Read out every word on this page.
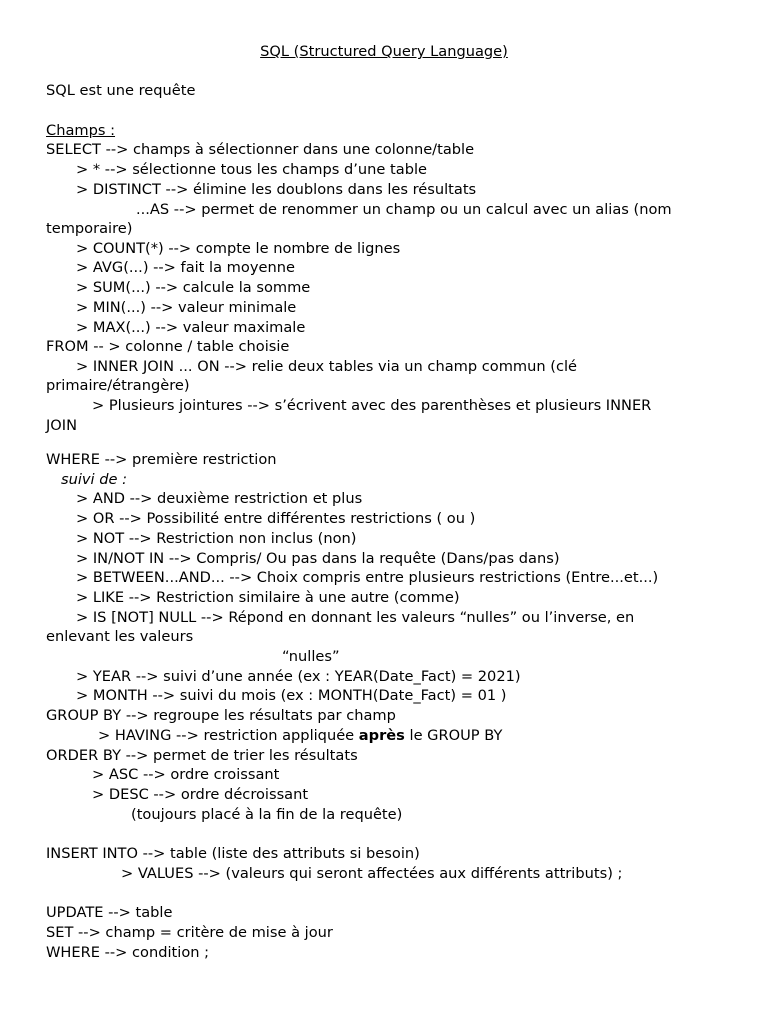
SQL (Structured Query Language)
SQL est une requête
Champs :
SELECT --> champs à sélectionner dans une colonne/table
> * --> sélectionne tous les champs d’une table
> DISTINCT --> élimine les doublons dans les résultats
...AS --> permet de renommer un champ ou un calcul avec un alias (nom
temporaire)
> COUNT(*) --> compte le nombre de lignes
> AVG(...) --> fait la moyenne
> SUM(...) --> calcule la somme
> MIN(...) --> valeur minimale
> MAX(...) --> valeur maximale
FROM -- > colonne / table choisie
> INNER JOIN ... ON --> relie deux tables via un champ commun (clé
primaire/étrangère)
> Plusieurs jointures --> s’écrivent avec des parenthèses et plusieurs INNER
JOIN
WHERE --> première restriction
suivi de :
> AND --> deuxième restriction et plus
> OR --> Possibilité entre différentes restrictions ( ou )
> NOT --> Restriction non inclus (non)
> IN/NOT IN --> Compris/ Ou pas dans la requête (Dans/pas dans)
> BETWEEN...AND... --> Choix compris entre plusieurs restrictions (Entre...et...)
> LIKE --> Restriction similaire à une autre (comme)
> IS [NOT] NULL --> Répond en donnant les valeurs “nulles” ou l’inverse, en
enlevant les valeurs
“nulles”
> YEAR --> suivi d’une année (ex : YEAR(Date_Fact) = 2021)
> MONTH --> suivi du mois (ex : MONTH(Date_Fact) = 01 )
GROUP BY --> regroupe les résultats par champ
> HAVING --> restriction appliquée après le GROUP BY
ORDER BY --> permet de trier les résultats
> ASC --> ordre croissant
> DESC --> ordre décroissant
(toujours placé à la fin de la requête)
INSERT INTO --> table (liste des attributs si besoin)
> VALUES --> (valeurs qui seront affectées aux différents attributs) ;
UPDATE --> table
SET --> champ = critère de mise à jour
WHERE --> condition ;
